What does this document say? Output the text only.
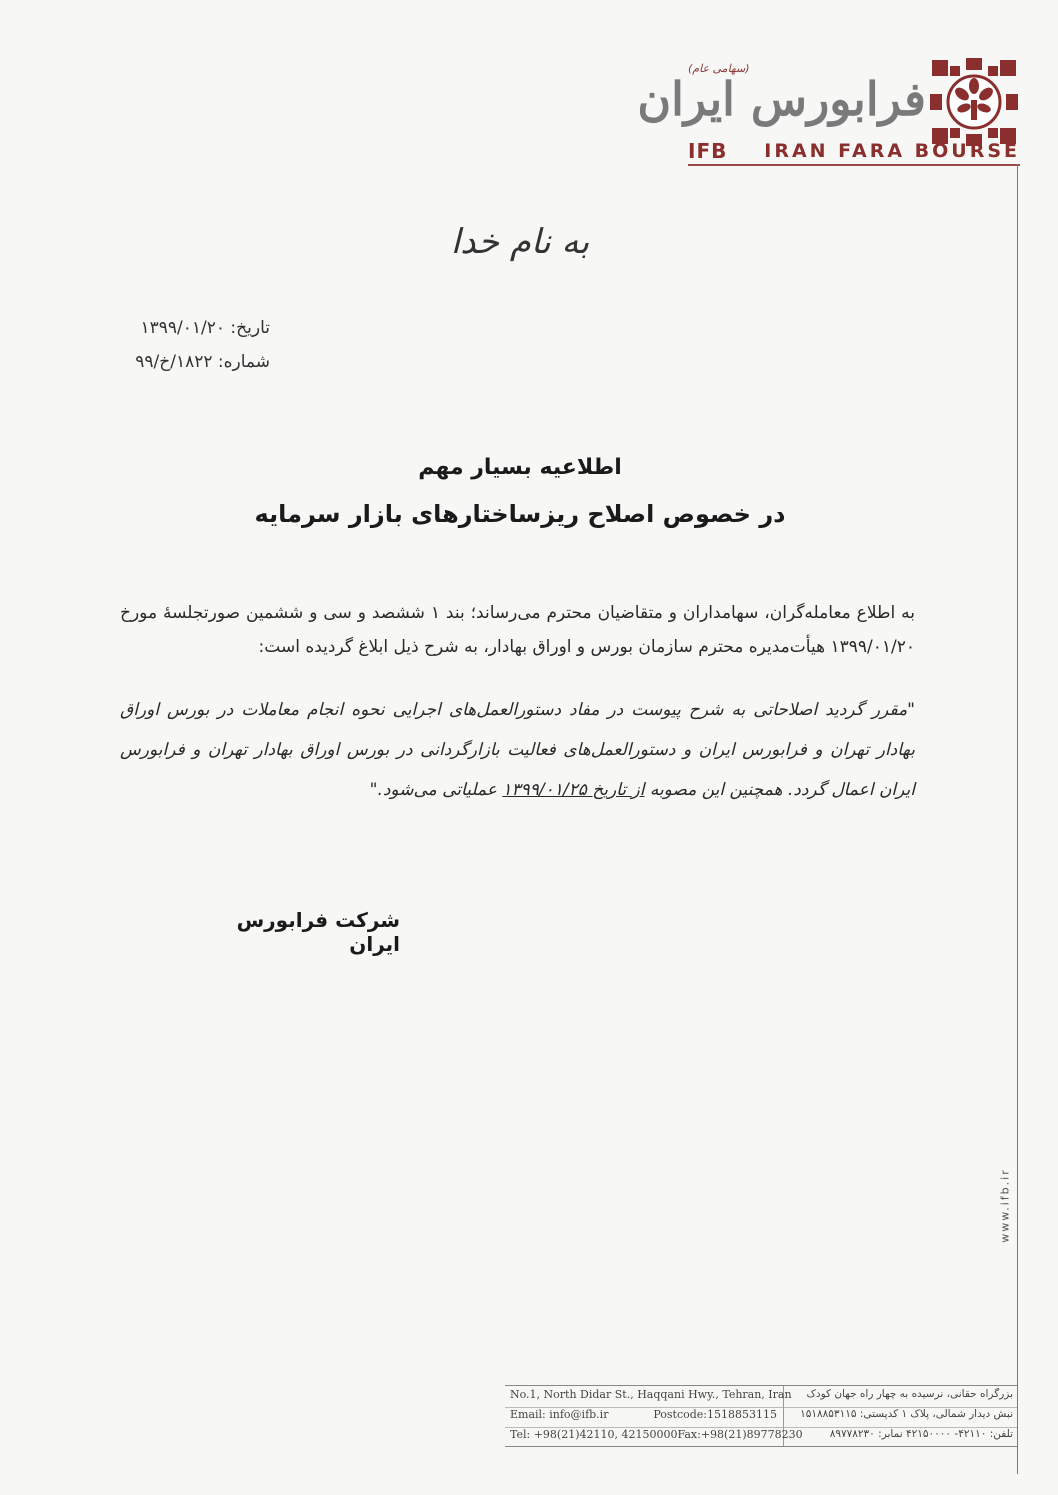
فرابورس ایران
(سهامی عام)
IFB IRAN FARA BOURSE
www.ifb.ir
به نام خدا
تاریخ: ۱۳۹۹/۰۱/۲۰
شماره: ۱۸۲۲/خ/۹۹
اطلاعیه بسیار مهم
در خصوص اصلاح ریزساختارهای بازار سرمایه
به اطلاع معامله‌گران، سهامداران و متقاضیان محترم می‌رساند؛ بند ۱ ششصد و سی و ششمین صورتجلسهٔ مورخ ۱۳۹۹/۰۱/۲۰ هیأت‌مدیره محترم سازمان بورس و اوراق بهادار، به شرح ذیل ابلاغ گردیده است:
"مقرر گردید اصلاحاتی به شرح پیوست در مفاد دستورالعمل‌های اجرایی نحوه انجام معاملات در بورس اوراق بهادار تهران و فرابورس ایران و دستورالعمل‌های فعالیت بازارگردانی در بورس اوراق بهادار تهران و فرابورس ایران اعمال گردد. همچنین این مصوبه از تاریخ ۱۳۹۹/۰۱/۲۵ عملیاتی می‌شود."
شرکت فرابورس ایران
No.1, North Didar St., Haqqani Hwy., Tehran, Iran
Email: info@ifb.ir	Postcode:1518853115
Tel: +98(21)42110, 42150000 Fax:+98(21)89778230
بزرگراه حقانی، نرسیده به چهار راه جهان کودک
نبش دیدار شمالی، پلاک ۱ کدپستی: ۱۵۱۸۸۵۳۱۱۵
تلفن: ۴۲۱۱۰- ۴۲۱۵۰۰۰۰ نمابر: ۸۹۷۷۸۲۳۰
